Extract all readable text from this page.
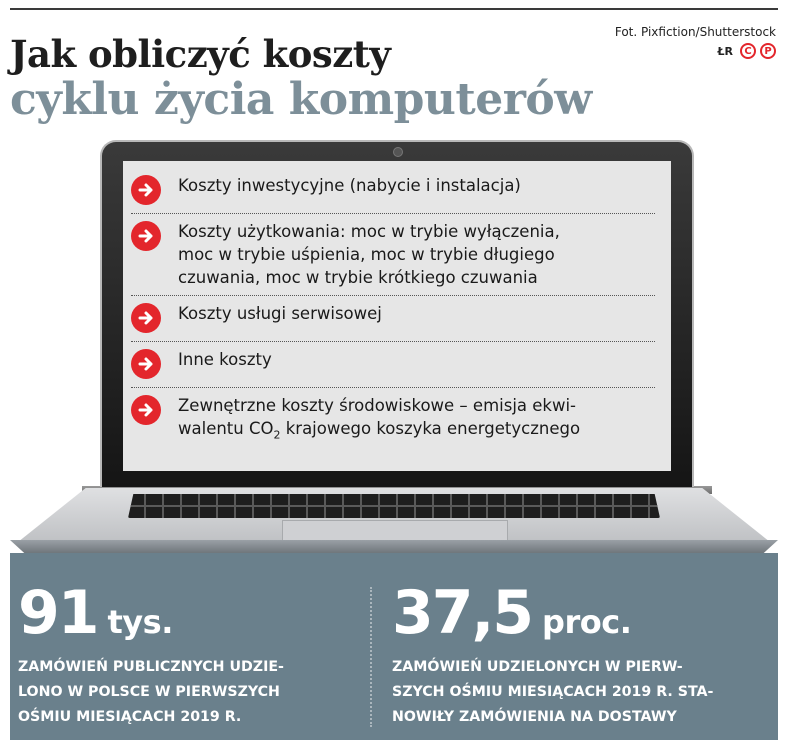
Fot. Pixfiction/Shutterstock
ŁR	C	P
Jak obliczyć koszty
cyklu życia komputerów
Koszty inwestycyjne (nabycie i instalacja)
Koszty użytkowania: moc w trybie wyłączenia,
moc w trybie uśpienia, moc w trybie długiego
czuwania, moc w trybie krótkiego czuwania
Koszty usługi serwisowej
Inne koszty
Zewnętrzne koszty środowiskowe – emisja ekwi-
walentu $CO_2$ krajowego koszyka energetycznego
91 tys.
ZAMÓWIEŃ PUBLICZNYCH UDZIE-
LONO W POLSCE W PIERWSZYCH
OŚMIU MIESIĄCACH 2019 R.
37,5 proc.
ZAMÓWIEŃ UDZIELONYCH W PIERW-
SZYCH OŚMIU MIESIĄCACH 2019 R. STA-
NOWIŁY ZAMÓWIENIA NA DOSTAWY
